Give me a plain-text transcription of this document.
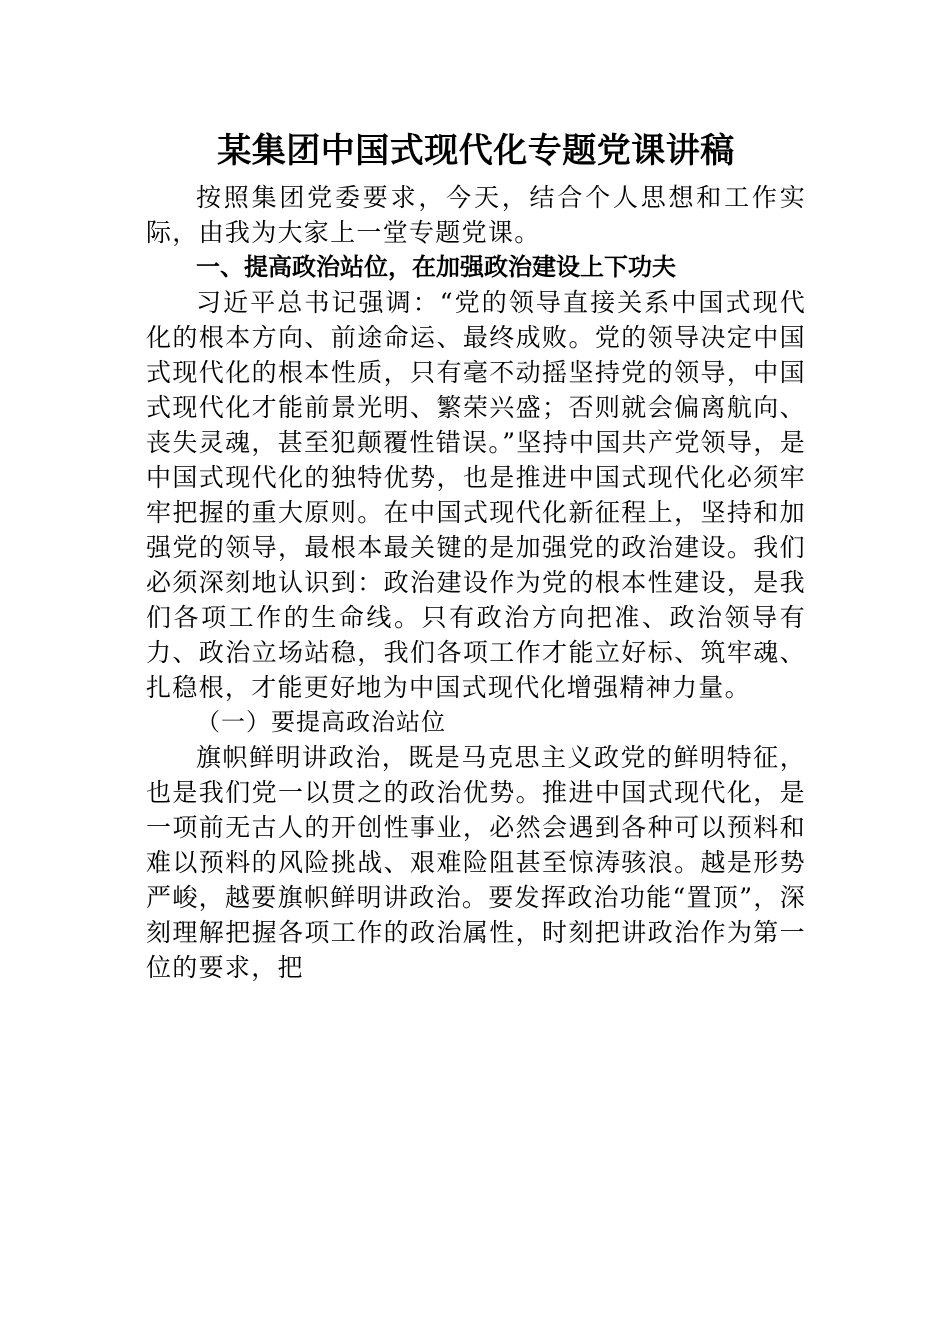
某集团中国式现代化专题党课讲稿

按照集团党委要求，今天，结合个人思想和工作实际，由我为大家上一堂专题党课。

一、提高政治站位，在加强政治建设上下功夫

习近平总书记强调：“党的领导直接关系中国式现代化的根本方向、前途命运、最终成败。党的领导决定中国式现代化的根本性质，只有毫不动摇坚持党的领导，中国式现代化才能前景光明、繁荣兴盛；否则就会偏离航向、丧失灵魂，甚至犯颠覆性错误。”坚持中国共产党领导，是中国式现代化的独特优势，也是推进中国式现代化必须牢牢把握的重大原则。在中国式现代化新征程上，坚持和加强党的领导，最根本最关键的是加强党的政治建设。我们必须深刻地认识到：政治建设作为党的根本性建设，是我们各项工作的生命线。只有政治方向把准、政治领导有力、政治立场站稳，我们各项工作才能立好标、筑牢魂、扎稳根，才能更好地为中国式现代化增强精神力量。

（一）要提高政治站位

旗帜鲜明讲政治，既是马克思主义政党的鲜明特征，也是我们党一以贯之的政治优势。推进中国式现代化，是一项前无古人的开创性事业，必然会遇到各种可以预料和难以预料的风险挑战、艰难险阻甚至惊涛骇浪。越是形势严峻，越要旗帜鲜明讲政治。要发挥政治功能“置顶”，深刻理解把握各项工作的政治属性，时刻把讲政治作为第一位的要求，把
